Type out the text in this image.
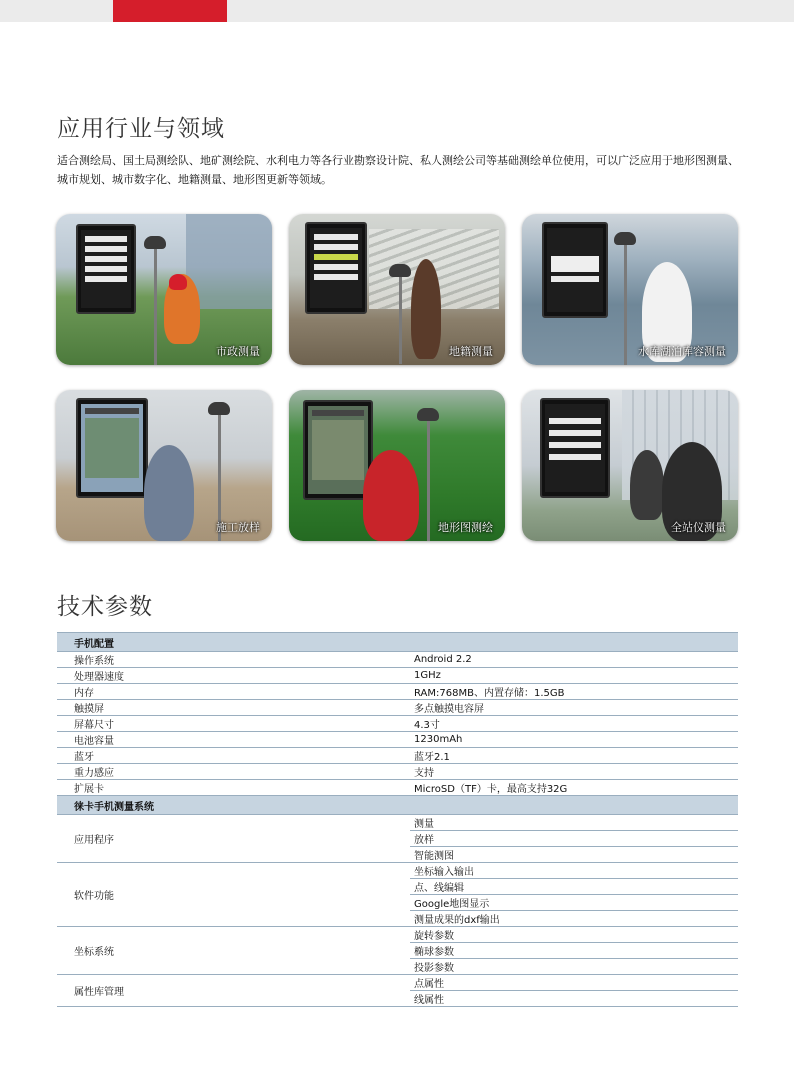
应用行业与领域
适合测绘局、国土局测绘队、地矿测绘院、水利电力等各行业勘察设计院、私人测绘公司等基础测绘单位使用，可以广泛应用于地形图测量、城市规划、城市数字化、地籍测量、地形图更新等领域。
市政测量	地籍测量	水库湖泊库容测量
施工放样	地形图测绘	全站仪测量
技术参数
手机配置	
操作系统	Android 2.2
处理器速度	1GHz
内存	RAM:768MB、内置存储：1.5GB
触摸屏	多点触摸电容屏
屏幕尺寸	4.3寸
电池容量	1230mAh
蓝牙	蓝牙2.1
重力感应	支持
扩展卡	MicroSD（TF）卡，最高支持32G
徕卡手机测量系统	
应用程序	测量
	放样
	智能测图
软件功能	坐标输入输出
	点、线编辑
	Google地图显示
	测量成果的dxf输出
坐标系统	旋转参数
	椭球参数
	投影参数
属性库管理	点属性
	线属性
